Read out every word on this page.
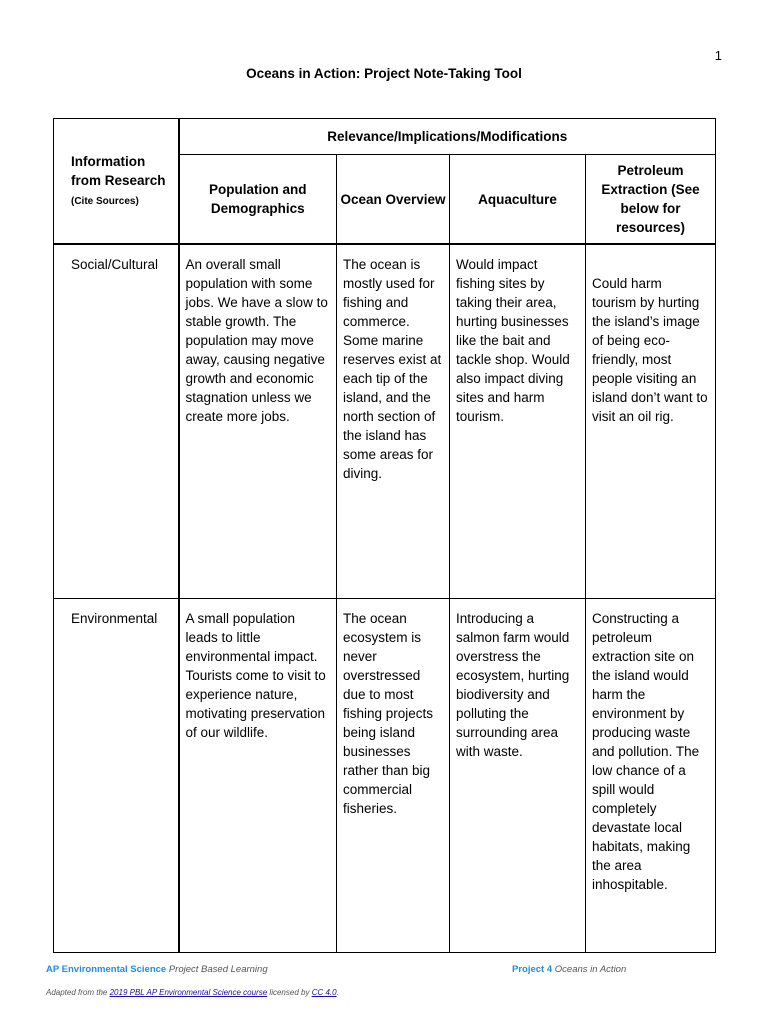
1
Oceans in Action: Project Note-Taking Tool
Information from Research
(Cite Sources)	Relevance/Implications/Modifications			
	Population and Demographics	Ocean Overview	Aquaculture	Petroleum Extraction (See below for resources)
Social/Cultural	An overall small population with some jobs. We have a slow to stable growth. The population may move away, causing negative growth and economic stagnation unless we create more jobs.	The ocean is mostly used for fishing and commerce. Some marine reserves exist at each tip of the island, and the north section of the island has some areas for diving.	Would impact fishing sites by taking their area, hurting businesses like the bait and tackle shop. Would also impact diving sites and harm tourism.	Could harm tourism by hurting the island’s image of being eco-friendly, most people visiting an island don’t want to visit an oil rig.
Environmental	A small population leads to little environmental impact. Tourists come to visit to experience nature, motivating preservation of our wildlife.	The ocean ecosystem is never overstressed due to most fishing projects being island businesses rather than big commercial fisheries.	Introducing a salmon farm would overstress the ecosystem, hurting biodiversity and polluting the surrounding area with waste.	Constructing a petroleum extraction site on the island would harm the environment by producing waste and pollution. The low chance of a spill would completely devastate local habitats, making the area inhospitable.
AP Environmental Science Project Based Learning	Project 4 Oceans in Action
Adapted from the 2019 PBL AP Environmental Science course licensed by CC 4.0.
